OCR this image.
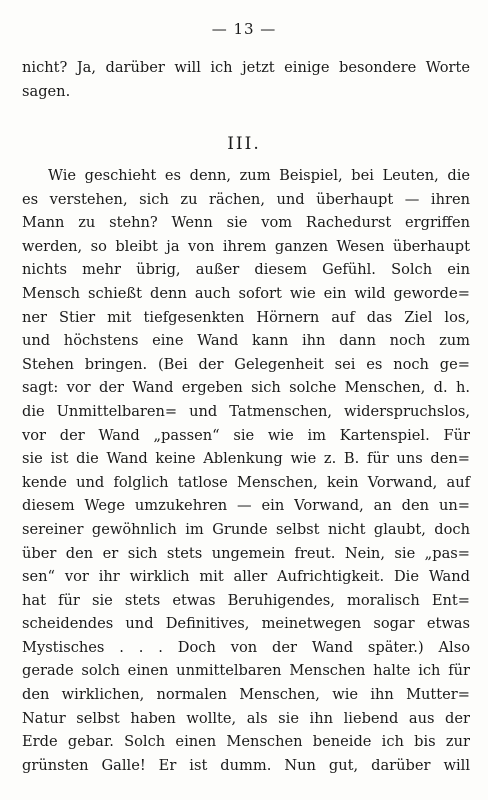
— 13 —
nicht? Ja, darüber will ich jetzt einige besondere Worte
sagen.
III.
Wie geschieht es denn, zum Beispiel, bei Leuten, die
es verstehen, sich zu rächen, und überhaupt — ihren
Mann zu stehn? Wenn sie vom Rachedurst ergriffen
werden, so bleibt ja von ihrem ganzen Wesen überhaupt
nichts mehr übrig, außer diesem Gefühl. Solch ein
Mensch schießt denn auch sofort wie ein wild geworde=
ner Stier mit tiefgesenkten Hörnern auf das Ziel los,
und höchstens eine Wand kann ihn dann noch zum
Stehen bringen. (Bei der Gelegenheit sei es noch ge=
sagt: vor der Wand ergeben sich solche Menschen, d. h.
die Unmittelbaren= und Tatmenschen, widerspruchslos,
vor der Wand „passen“ sie wie im Kartenspiel. Für
sie ist die Wand keine Ablenkung wie z. B. für uns den=
kende und folglich tatlose Menschen, kein Vorwand, auf
diesem Wege umzukehren — ein Vorwand, an den un=
sereiner gewöhnlich im Grunde selbst nicht glaubt, doch
über den er sich stets ungemein freut. Nein, sie „pas=
sen“ vor ihr wirklich mit aller Aufrichtigkeit. Die Wand
hat für sie stets etwas Beruhigendes, moralisch Ent=
scheidendes und Definitives, meinetwegen sogar etwas
Mystisches . . . Doch von der Wand später.) Also
gerade solch einen unmittelbaren Menschen halte ich für
den wirklichen, normalen Menschen, wie ihn Mutter=
Natur selbst haben wollte, als sie ihn liebend aus der
Erde gebar. Solch einen Menschen beneide ich bis zur
grünsten Galle! Er ist dumm. Nun gut, darüber will
